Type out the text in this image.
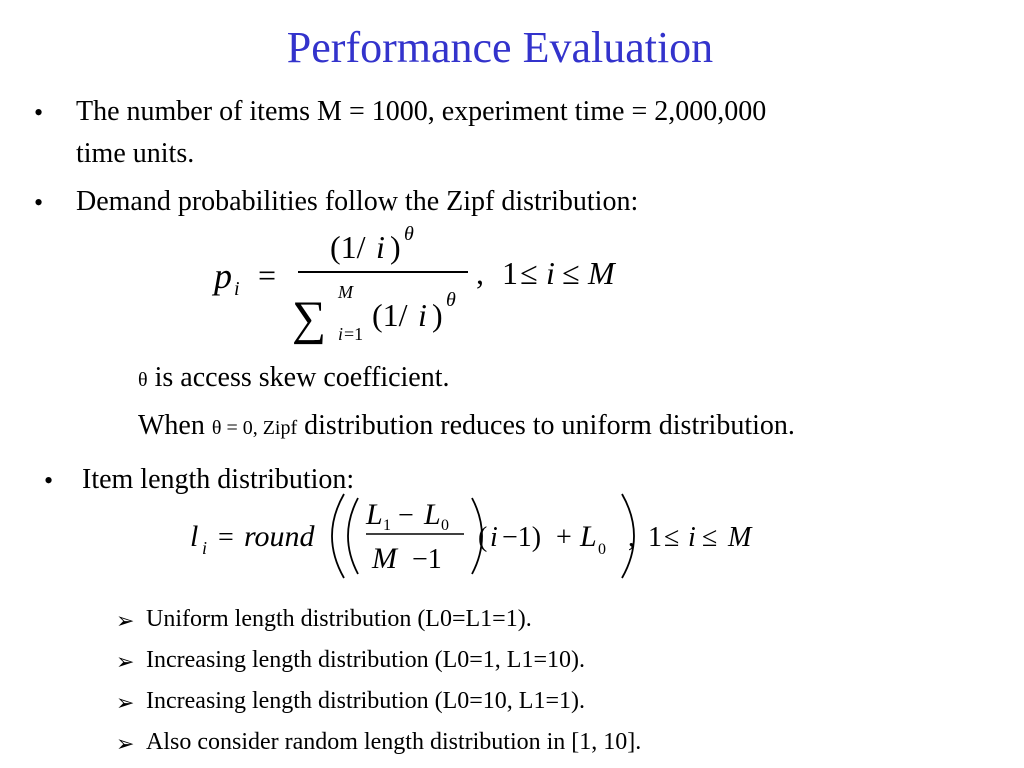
Performance Evaluation
• The number of items M = 1000, experiment time = 2,000,000
time units.
• Demand probabilities follow the Zipf distribution:
p i =
(1/ i ) θ
∑ M
i =1
(1/ i ) θ
, 1 ≤ i ≤ M
θ is access skew coefficient.
When θ = 0, Zipf distribution reduces to uniform distribution.
• Item length distribution:
l i = round
L 1 − L 0
M −1
( i −1) + L 0 , 1 ≤ i ≤ M
➢ Uniform length distribution (L0=L1=1).
➢ Increasing length distribution (L0=1, L1=10).
➢ Increasing length distribution (L0=10, L1=1).
➢ Also consider random length distribution in [1, 10].
